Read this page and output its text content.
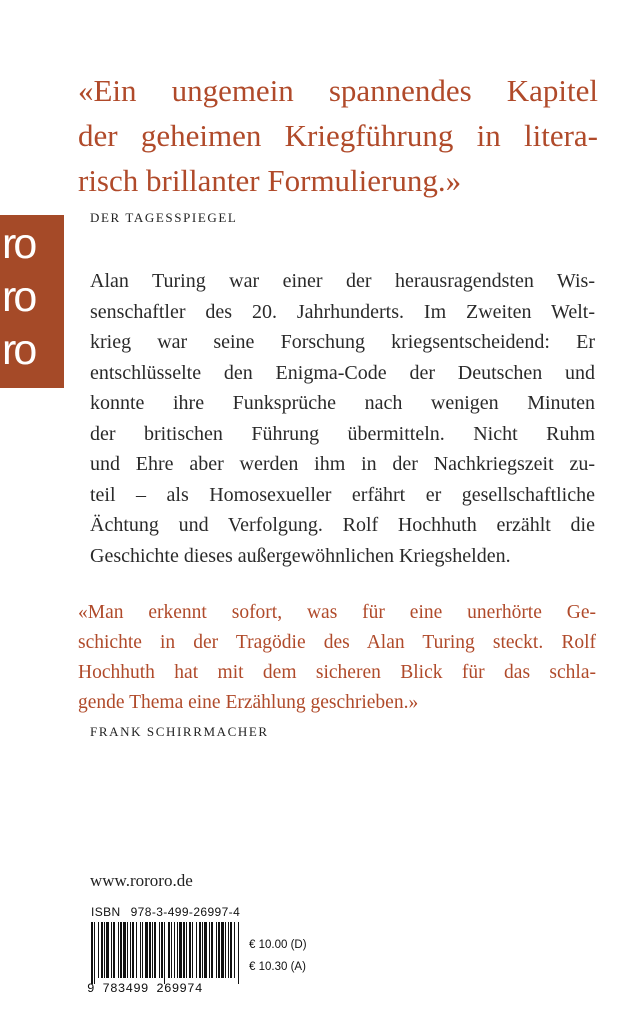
«Ein ungemein spannendes Kapitel
der geheimen Kriegführung in litera-
risch brillanter Formulierung.»
DER TAGESSPIEGEL
ro
ro
ro
Alan Turing war einer der herausragendsten Wis-
senschaftler des 20. Jahrhunderts. Im Zweiten Welt-
krieg war seine Forschung kriegsentscheidend: Er
entschlüsselte den Enigma-Code der Deutschen und
konnte ihre Funksprüche nach wenigen Minuten
der britischen Führung übermitteln. Nicht Ruhm
und Ehre aber werden ihm in der Nachkriegszeit zu-
teil – als Homosexueller erfährt er gesellschaftliche
Ächtung und Verfolgung. Rolf Hochhuth erzählt die
Geschichte dieses außergewöhnlichen Kriegshelden.
«Man erkennt sofort, was für eine unerhörte Ge-
schichte in der Tragödie des Alan Turing steckt. Rolf
Hochhuth hat mit dem sicheren Blick für das schla-
gende Thema eine Erzählung geschrieben.»
FRANK SCHIRRMACHER
www.rororo.de
ISBN 978-3-499-26997-4
9 783499 269974
€ 10.00 (D)
€ 10.30 (A)
